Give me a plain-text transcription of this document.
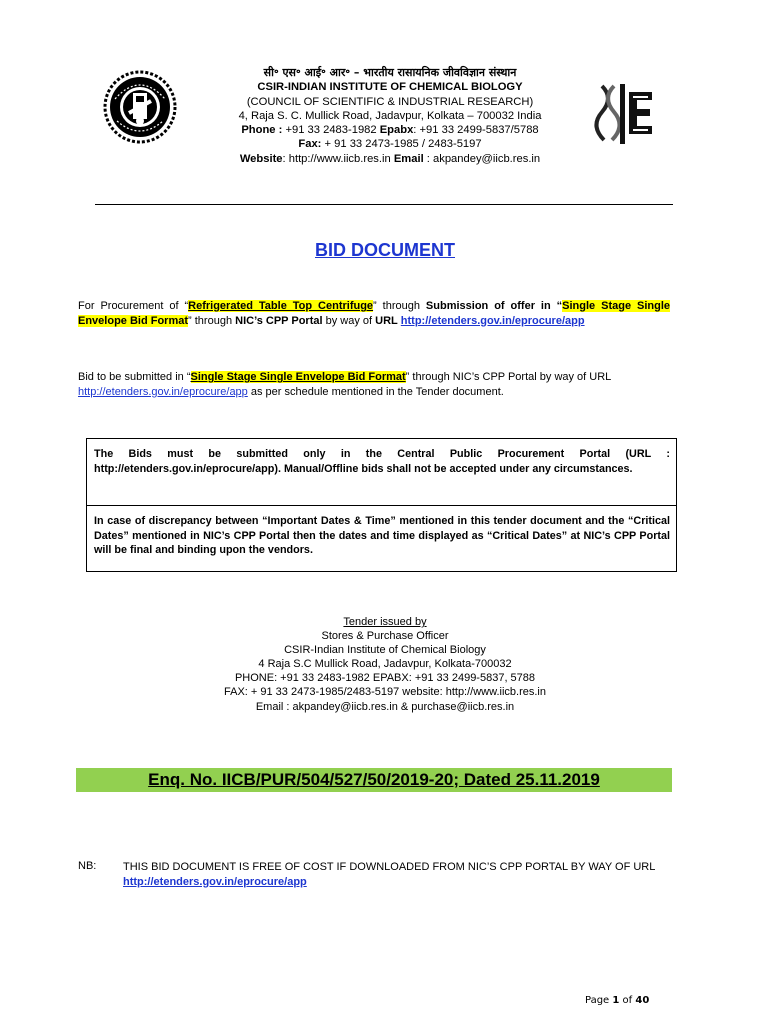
सी॰ एस॰ आई॰ आर॰ – भारतीय रासायनिक जीवविज्ञान संस्थान
CSIR-INDIAN INSTITUTE OF CHEMICAL BIOLOGY
(COUNCIL OF SCIENTIFIC & INDUSTRIAL RESEARCH)
4, Raja S. C. Mullick Road, Jadavpur, Kolkata – 700032 India
Phone : +91 33 2483-1982 Epabx: +91 33 2499-5837/5788
Fax: + 91 33 2473-1985 / 2483-5197
Website: http://www.iicb.res.in Email : akpandey@iicb.res.in
BID DOCUMENT
For Procurement of “Refrigerated Table Top Centrifuge” through Submission of offer in “Single Stage Single Envelope Bid Format” through NIC’s CPP Portal by way of URL http://etenders.gov.in/eprocure/app
Bid to be submitted in “Single Stage Single Envelope Bid Format” through NIC’s CPP Portal by way of URL http://etenders.gov.in/eprocure/app as per schedule mentioned in the Tender document.
The Bids must be submitted only in the Central Public Procurement Portal (URL : http://etenders.gov.in/eprocure/app). Manual/Offline bids shall not be accepted under any circumstances.
In case of discrepancy between “Important Dates & Time” mentioned in this tender document and the “Critical Dates” mentioned in NIC’s CPP Portal then the dates and time displayed as “Critical Dates” at NIC’s CPP Portal will be final and binding upon the vendors.
Tender issued by
Stores & Purchase Officer
CSIR-Indian Institute of Chemical Biology
4 Raja S.C Mullick Road, Jadavpur, Kolkata-700032
PHONE: +91 33 2483-1982 EPABX: +91 33 2499-5837, 5788
FAX: + 91 33 2473-1985/2483-5197 website: http://www.iicb.res.in
Email : akpandey@iicb.res.in & purchase@iicb.res.in
Enq. No. IICB/PUR/504/527/50/2019-20; Dated 25.11.2019
NB: THIS BID DOCUMENT IS FREE OF COST IF DOWNLOADED FROM NIC’S CPP PORTAL BY WAY OF URL http://etenders.gov.in/eprocure/app
Page 1 of 40
